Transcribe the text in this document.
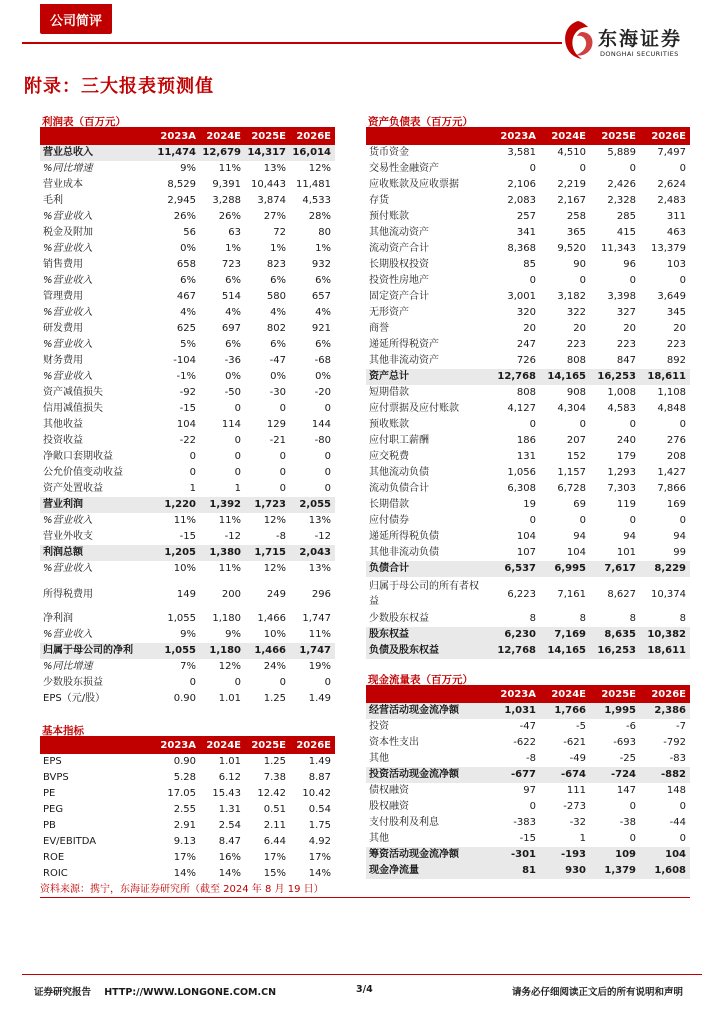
公司简评
东海证券
DONGHAI SECURITIES
附录：三大报表预测值
利润表（百万元）
	2023A	2024E	2025E	2026E
营业总收入	11,474	12,679	14,317	16,014
%同比增速	9%	11%	13%	12%
营业成本	8,529	9,391	10,443	11,481
毛利	2,945	3,288	3,874	4,533
%营业收入	26%	26%	27%	28%
税金及附加	56	63	72	80
%营业收入	0%	1%	1%	1%
销售费用	658	723	823	932
%营业收入	6%	6%	6%	6%
管理费用	467	514	580	657
%营业收入	4%	4%	4%	4%
研发费用	625	697	802	921
%营业收入	5%	6%	6%	6%
财务费用	-104	-36	-47	-68
%营业收入	-1%	0%	0%	0%
资产减值损失	-92	-50	-30	-20
信用减值损失	-15	0	0	0
其他收益	104	114	129	144
投资收益	-22	0	-21	-80
净敞口套期收益	0	0	0	0
公允价值变动收益	0	0	0	0
资产处置收益	1	1	0	0
营业利润	1,220	1,392	1,723	2,055
%营业收入	11%	11%	12%	13%
营业外收支	-15	-12	-8	-12
利润总额	1,205	1,380	1,715	2,043
%营业收入	10%	11%	12%	13%
所得税费用	149	200	249	296
净利润	1,055	1,180	1,466	1,747
%营业收入	9%	9%	10%	11%
归属于母公司的净利	1,055	1,180	1,466	1,747
%同比增速	7%	12%	24%	19%
少数股东损益	0	0	0	0
EPS（元/股）	0.90	1.01	1.25	1.49
基本指标
	2023A	2024E	2025E	2026E
EPS	0.90	1.01	1.25	1.49
BVPS	5.28	6.12	7.38	8.87
PE	17.05	15.43	12.42	10.42
PEG	2.55	1.31	0.51	0.54
PB	2.91	2.54	2.11	1.75
EV/EBITDA	9.13	8.47	6.44	4.92
ROE	17%	16%	17%	17%
ROIC	14%	14%	15%	14%
资产负债表（百万元）
	2023A	2024E	2025E	2026E
货币资金	3,581	4,510	5,889	7,497
交易性金融资产	0	0	0	0
应收账款及应收票据	2,106	2,219	2,426	2,624
存货	2,083	2,167	2,328	2,483
预付账款	257	258	285	311
其他流动资产	341	365	415	463
流动资产合计	8,368	9,520	11,343	13,379
长期股权投资	85	90	96	103
投资性房地产	0	0	0	0
固定资产合计	3,001	3,182	3,398	3,649
无形资产	320	322	327	345
商誉	20	20	20	20
递延所得税资产	247	223	223	223
其他非流动资产	726	808	847	892
资产总计	12,768	14,165	16,253	18,611
短期借款	808	908	1,008	1,108
应付票据及应付账款	4,127	4,304	4,583	4,848
预收账款	0	0	0	0
应付职工薪酬	186	207	240	276
应交税费	131	152	179	208
其他流动负债	1,056	1,157	1,293	1,427
流动负债合计	6,308	6,728	7,303	7,866
长期借款	19	69	119	169
应付债券	0	0	0	0
递延所得税负债	104	94	94	94
其他非流动负债	107	104	101	99
负债合计	6,537	6,995	7,617	8,229
归属于母公司的所有者权益	6,223	7,161	8,627	10,374
少数股东权益	8	8	8	8
股东权益	6,230	7,169	8,635	10,382
负债及股东权益	12,768	14,165	16,253	18,611
现金流量表（百万元）
	2023A	2024E	2025E	2026E
经营活动现金流净额	1,031	1,766	1,995	2,386
投资	-47	-5	-6	-7
资本性支出	-622	-621	-693	-792
其他	-8	-49	-25	-83
投资活动现金流净额	-677	-674	-724	-882
债权融资	97	111	147	148
股权融资	0	-273	0	0
支付股利及利息	-383	-32	-38	-44
其他	-15	1	0	0
筹资活动现金流净额	-301	-193	109	104
现金净流量	81	930	1,379	1,608
资料来源：携宁，东海证券研究所（截至 2024 年 8 月 19 日）
证券研究报告    HTTP://WWW.LONGONE.COM.CN	3/4	请务必仔细阅读正文后的所有说明和声明
